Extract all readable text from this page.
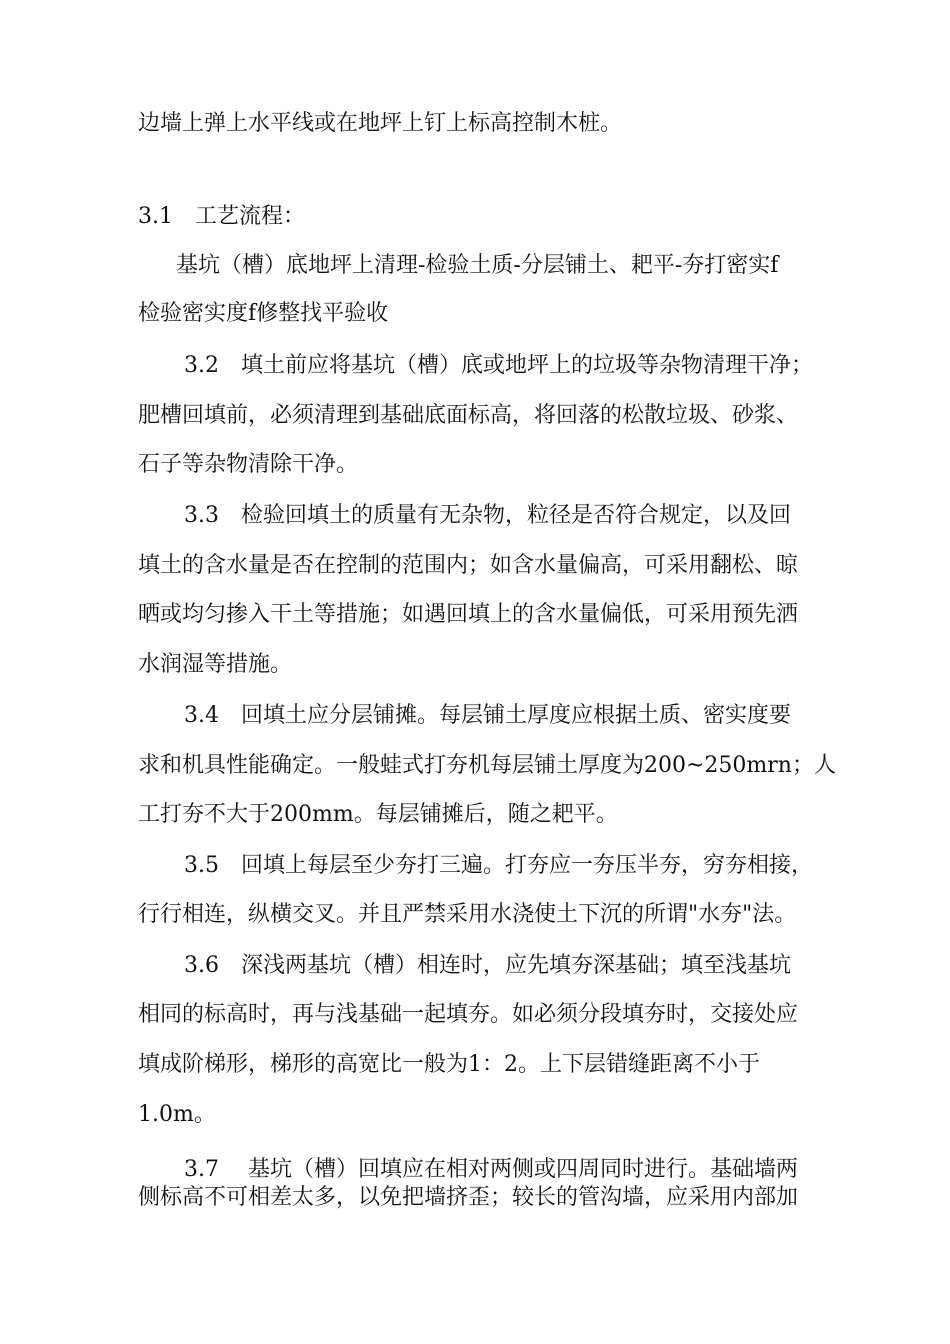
边墙上弹上水平线或在地坪上钉上标高控制木桩。
3.1　工艺流程：
基坑（槽）底地坪上清理-检验土质-分层铺土、耙平-夯打密实f
检验密实度f修整找平验收
3.2　填土前应将基坑（槽）底或地坪上的垃圾等杂物清理干净；
肥槽回填前，必须清理到基础底面标高，将回落的松散垃圾、砂浆、
石子等杂物清除干净。
3.3　检验回填土的质量有无杂物，粒径是否符合规定，以及回
填土的含水量是否在控制的范围内；如含水量偏高，可采用翻松、晾
晒或均匀掺入干土等措施；如遇回填上的含水量偏低，可采用预先洒
水润湿等措施。
3.4　回填土应分层铺摊。每层铺土厚度应根据土质、密实度要
求和机具性能确定。一般蛙式打夯机每层铺土厚度为200~250mrn；人
工打夯不大于200mm。每层铺摊后，随之耙平。
3.5　回填上每层至少夯打三遍。打夯应一夯压半夯，穷夯相接，
行行相连，纵横交叉。并且严禁采用水浇使土下沉的所谓"水夯"法。
3.6　深浅两基坑（槽）相连时，应先填夯深基础；填至浅基坑
相同的标高时，再与浅基础一起填夯。如必须分段填夯时，交接处应
填成阶梯形，梯形的高宽比一般为1：2。上下层错缝距离不小于
1.0m。
3.7　 基坑（槽）回填应在相对两侧或四周同时进行。基础墙两
侧标高不可相差太多，以免把墙挤歪；较长的管沟墙，应采用内部加
